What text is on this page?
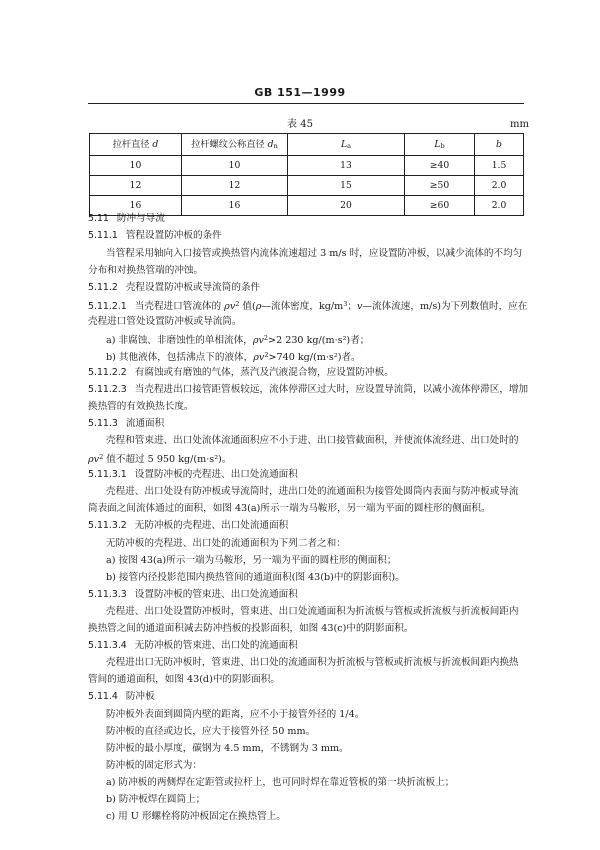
GB 151—1999
表 45	mm
拉杆直径 d	拉杆螺纹公称直径 $d_n$	$L_a$	$L_b$	b
10	10	13	≥40	1.5
12	12	15	≥50	2.0
16	16	20	≥60	2.0
5.11 防冲与导流
5.11.1 管程设置防冲板的条件
当管程采用轴向入口接管或换热管内流体流速超过 3 m/s 时，应设置防冲板，以减少流体的不均匀
分布和对换热管端的冲蚀。
5.11.2 壳程设置防冲板或导流筒的条件
5.11.2.1 当壳程进口管流体的 $\rho v^2$ 值(ρ—流体密度，$kg/m^3$；v—流体流速，m/s)为下列数值时，应在
壳程进口管处设置防冲板或导流筒。
a) 非腐蚀、非磨蚀性的单相流体，$\rho v^2>2$ 230 kg/(m·s²)者；
b) 其他液体，包括沸点下的液体，$\rho v^2>740$ kg/(m·s²)者。
5.11.2.2 有腐蚀或有磨蚀的气体，蒸汽及汽液混合物，应设置防冲板。
5.11.2.3 当壳程进出口接管距管板较远，流体停滞区过大时，应设置导流筒，以减小流体停滞区，增加
换热管的有效换热长度。
5.11.3 流通面积
壳程和管束进、出口处流体流通面积应不小于进、出口接管截面积，并使流体流经进、出口处时的
$\rho v^2$ 值不超过 5 950 kg/(m·s²)。
5.11.3.1 设置防冲板的壳程进、出口处流通面积
壳程进、出口处设有防冲板或导流筒时，进出口处的流通面积为接管处圆筒内表面与防冲板或导流
筒表面之间流体通过的面积，如图 43(a)所示一端为马鞍形，另一端为平面的圆柱形的侧面积。
5.11.3.2 无防冲板的壳程进、出口处流通面积
无防冲板的壳程进、出口处的流通面积为下列二者之和：
a) 按图 43(a)所示一端为马鞍形，另一端为平面的圆柱形的侧面积；
b) 接管内径投影范围内换热管间的通道面积(图 43(b)中的阴影面积)。
5.11.3.3 设置防冲板的管束进、出口处流通面积
壳程进、出口处设置防冲板时，管束进、出口处流通面积为折流板与管板或折流板与折流板间距内
换热管之间的通道面积减去防冲挡板的投影面积，如图 43(c)中的阴影面积。
5.11.3.4 无防冲板的管束进、出口处的流通面积
壳程进出口无防冲板时，管束进、出口处的流通面积为折流板与管板或折流板与折流板间距内换热
管间的通道面积，如图 43(d)中的阴影面积。
5.11.4 防冲板
防冲板外表面到圆筒内壁的距离，应不小于接管外径的 1/4。
防冲板的直径或边长，应大于接管外径 50 mm。
防冲板的最小厚度，碳钢为 4.5 mm，不锈钢为 3 mm。
防冲板的固定形式为：
a) 防冲板的两侧焊在定距管或拉杆上，也可同时焊在靠近管板的第一块折流板上；
b) 防冲板焊在圆筒上；
c) 用 U 形螺栓将防冲板固定在换热管上。
